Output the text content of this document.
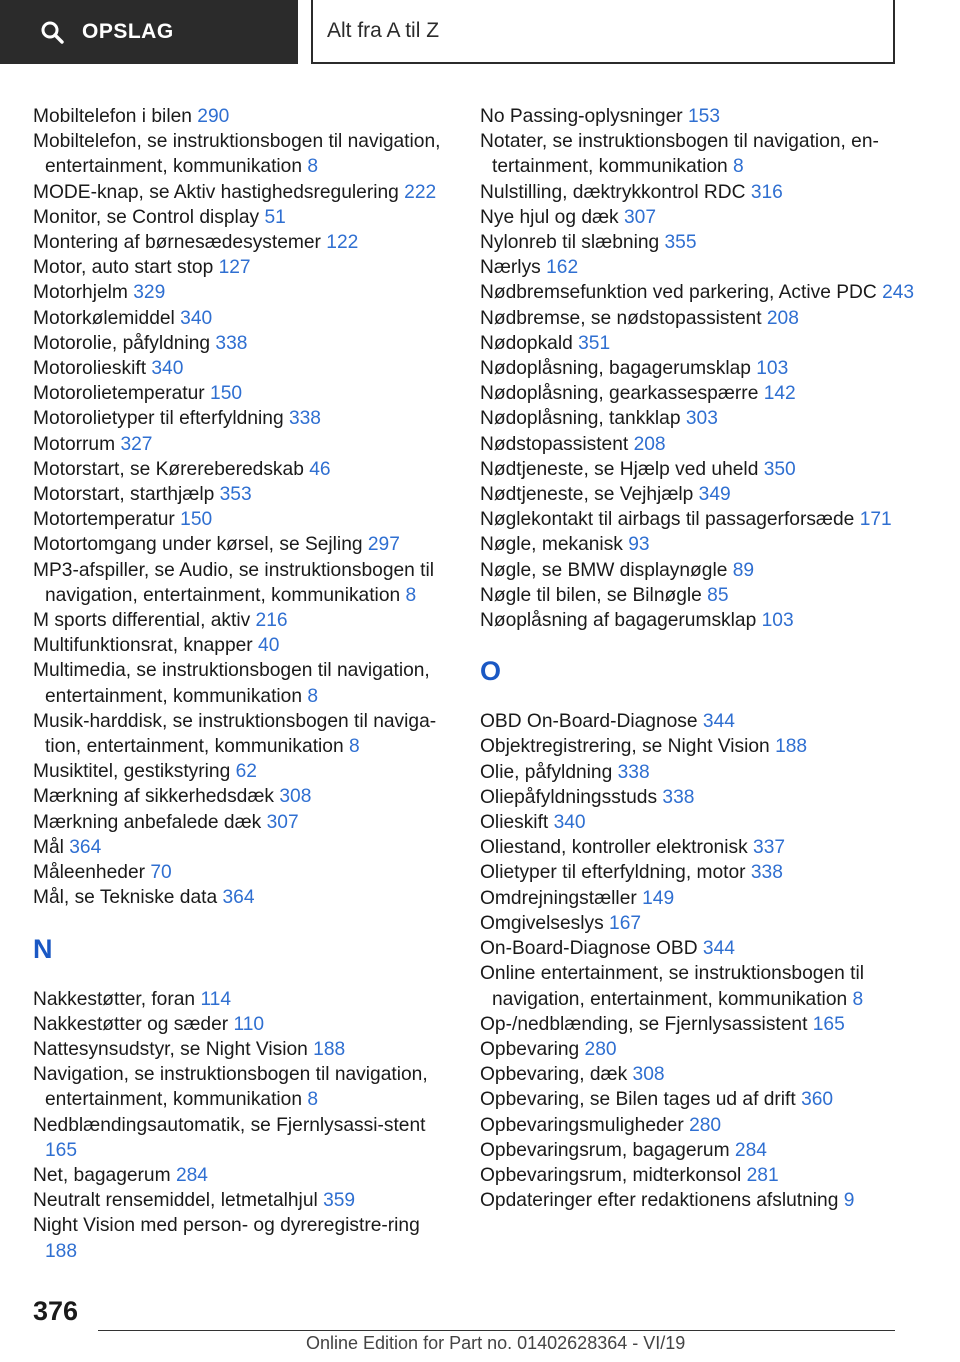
OPSLAG	Alt fra A til Z
Mobiltelefon i bilen 290
Mobiltelefon, se instruktionsbogen til navigation, entertainment, kommunikation 8
MODE-knap, se Aktiv hastighedsregulering 222
Monitor, se Control display 51
Montering af børnesædesystemer 122
Motor, auto start stop 127
Motorhjelm 329
Motorkølemiddel 340
Motorolie, påfyldning 338
Motorolieskift 340
Motorolietemperatur 150
Motorolietyper til efterfyldning 338
Motorrum 327
Motorstart, se Kørereberedskab 46
Motorstart, starthjælp 353
Motortemperatur 150
Motortomgang under kørsel, se Sejling 297
MP3-afspiller, se Audio, se instruktionsbogen til navigation, entertainment, kommunikation 8
M sports differential, aktiv 216
Multifunktionsrat, knapper 40
Multimedia, se instruktionsbogen til navigation, entertainment, kommunikation 8
Musik-harddisk, se instruktionsbogen til naviga-tion, entertainment, kommunikation 8
Musiktitel, gestikstyring 62
Mærkning af sikkerhedsdæk 308
Mærkning anbefalede dæk 307
Mål 364
Måleenheder 70
Mål, se Tekniske data 364
N
Nakkestøtter, foran 114
Nakkestøtter og sæder 110
Nattesynsudstyr, se Night Vision 188
Navigation, se instruktionsbogen til navigation, entertainment, kommunikation 8
Nedblændingsautomatik, se Fjernlysassi-stent 165
Net, bagagerum 284
Neutralt rensemiddel, letmetalhjul 359
Night Vision med person- og dyreregistre-ring 188
No Passing-oplysninger 153
Notater, se instruktionsbogen til navigation, en-tertainment, kommunikation 8
Nulstilling, dæktrykkontrol RDC 316
Nye hjul og dæk 307
Nylonreb til slæbning 355
Nærlys 162
Nødbremsefunktion ved parkering, Active PDC 243
Nødbremse, se nødstopassistent 208
Nødopkald 351
Nødoplåsning, bagagerumsklap 103
Nødoplåsning, gearkassespærre 142
Nødoplåsning, tankklap 303
Nødstopassistent 208
Nødtjeneste, se Hjælp ved uheld 350
Nødtjeneste, se Vejhjælp 349
Nøglekontakt til airbags til passagerforsæde 171
Nøgle, mekanisk 93
Nøgle, se BMW displaynøgle 89
Nøgle til bilen, se Bilnøgle 85
Nøoplåsning af bagagerumsklap 103
O
OBD On-Board-Diagnose 344
Objektregistrering, se Night Vision 188
Olie, påfyldning 338
Oliepåfyldningsstuds 338
Olieskift 340
Oliestand, kontroller elektronisk 337
Olietyper til efterfyldning, motor 338
Omdrejningstæller 149
Omgivelseslys 167
On-Board-Diagnose OBD 344
Online entertainment, se instruktionsbogen til navigation, entertainment, kommunikation 8
Op-/nedblænding, se Fjernlysassistent 165
Opbevaring 280
Opbevaring, dæk 308
Opbevaring, se Bilen tages ud af drift 360
Opbevaringsmuligheder 280
Opbevaringsrum, bagagerum 284
Opbevaringsrum, midterkonsol 281
Opdateringer efter redaktionens afslutning 9
376
Online Edition for Part no. 01402628364 - VI/19
